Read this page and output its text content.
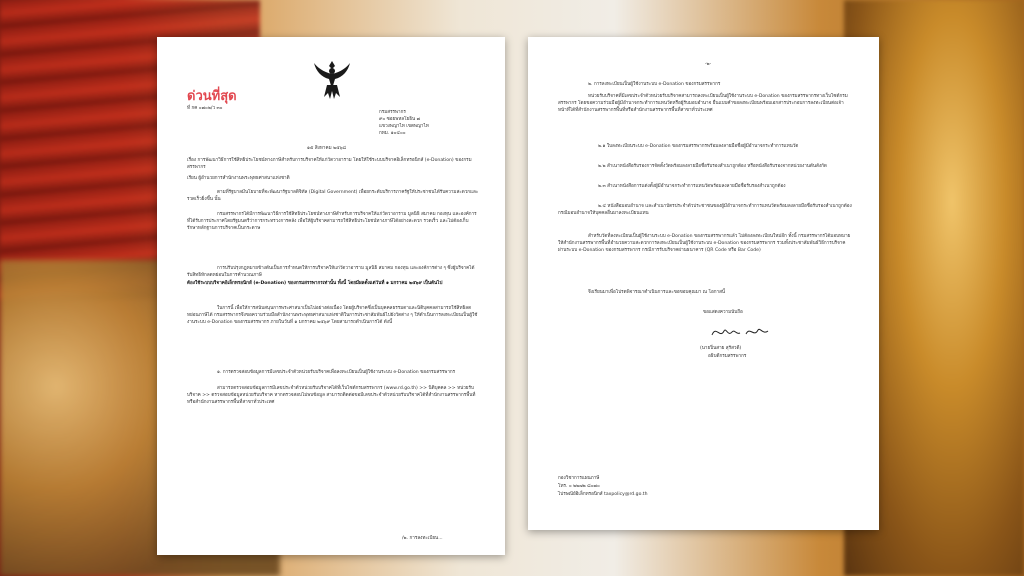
ด่วนที่สุด
ที่ กค ๐๗๐๒/ว ๓๐
กรมสรรพากร
๙๐ ซอยพหลโยธิน ๗
แขวงพญาไท เขตพญาไท
กทม. ๑๐๔๐๐
๑๕ สิงหาคม ๒๕๖๘
เรื่อง การพัฒนาวิธีการใช้สิทธิประโยชน์ทางภาษีสำหรับการบริจาคให้แก่วัดวาอาราม โดยให้ใช้ระบบบริจาคอิเล็กทรอนิกส์ (e-Donation) ของกรมสรรพากร
เรียน ผู้อำนวยการสำนักงานพระพุทธศาสนาแห่งชาติ
ตามที่รัฐบาลมีนโยบายที่จะพัฒนารัฐบาลดิจิทัล (Digital Government) เพื่อยกระดับบริการภาครัฐให้ประชาชนได้รับความสะดวกและรวดเร็วยิ่งขึ้น นั้น
กรมสรรพากรได้มีการพัฒนาวิธีการใช้สิทธิประโยชน์ทางภาษีสำหรับการบริจาคให้แก่วัดวาอาราม มูลนิธิ สมาคม กองทุน และองค์การที่ได้รับการประกาศโดยรัฐมนตรีว่าการกระทรวงการคลัง เพื่อให้ผู้บริจาคสามารถใช้สิทธิประโยชน์ทางภาษีได้อย่างสะดวก รวดเร็ว และไม่ต้องเก็บรักษาหลักฐานการบริจาคเป็นกระดาษ
การปรับปรุงกฎหมายข้างต้นเป็นการกำหนดให้การบริจาคให้แก่วัดวาอาราม มูลนิธิ สมาคม กองทุน และองค์การต่าง ๆ ซึ่งผู้บริจาคได้รับสิทธิหักลดหย่อนในการคำนวณภาษี
ต้องใช้ระบบบริจาคอิเล็กทรอนิกส์ (e-Donation) ของกรมสรรพากรเท่านั้น ทั้งนี้ โดยมีผลตั้งแต่วันที่ ๑ มกราคม ๒๕๖๙ เป็นต้นไป
ในการนี้ เพื่อให้การสนับสนุนการพระศาสนาเป็นไปอย่างต่อเนื่อง โดยผู้บริจาคซึ่งเป็นบุคคลธรรมดาและนิติบุคคลสามารถใช้สิทธิลดหย่อนภาษีได้ กรมสรรพากรจึงขอความร่วมมือสำนักงานพระพุทธศาสนาแห่งชาติในการประชาสัมพันธ์ไปยังวัดต่าง ๆ ให้ดำเนินการลงทะเบียนเป็นผู้ใช้งานระบบ e-Donation ของกรมสรรพากร ภายในวันที่ ๑ มกราคม ๒๕๖๙ โดยสามารถดำเนินการได้ ดังนี้
๑. การตรวจสอบข้อมูลการมีเลขประจำตัวหน่วยรับบริจาคเพื่อลงทะเบียนเป็นผู้ใช้งานระบบ e-Donation ของกรมสรรพากร
สามารถตรวจสอบข้อมูลการมีเลขประจำตัวหน่วยรับบริจาคได้ที่เว็บไซต์กรมสรรพากร (www.rd.go.th) >> นิติบุคคล >> หน่วยรับบริจาค >> ตรวจสอบข้อมูลหน่วยรับบริจาค หากตรวจสอบไม่พบข้อมูล สามารถติดต่อขอมีเลขประจำตัวหน่วยรับบริจาคได้ที่สำนักงานสรรพากรพื้นที่หรือสำนักงานสรรพากรพื้นที่สาขาทั่วประเทศ
/๒. การลงทะเบียน...
-๒-
๒. การลงทะเบียนเป็นผู้ใช้งานระบบ e-Donation ของกรมสรรพากร
หน่วยรับบริจาคที่มีเลขประจำตัวหน่วยรับบริจาคสามารถลงทะเบียนเป็นผู้ใช้งานระบบ e-Donation ของกรมสรรพากรทางเว็บไซต์กรมสรรพากร โดยขอความร่วมมือผู้มีอำนาจกระทำการแทนวัดหรือผู้รับมอบอำนาจ ยื่นแบบคำขอลงทะเบียนพร้อมเอกสารประกอบการลงทะเบียนต่อเจ้าหน้าที่ได้ที่สำนักงานสรรพากรพื้นที่หรือสำนักงานสรรพากรพื้นที่สาขาทั่วประเทศ
๒.๑ ใบลงทะเบียนระบบ e-Donation ของกรมสรรพากรพร้อมลงลายมือชื่อผู้มีอำนาจกระทำการแทนวัด
๒.๒ สำเนาหนังสือรับรองการจัดตั้งวัดพร้อมลงลายมือชื่อรับรองสำเนาถูกต้อง หรือหนังสือรับรองจากหน่วยงานต้นสังกัด
๒.๓ สำเนาหนังสือการแต่งตั้งผู้มีอำนาจกระทำการแทนวัดพร้อมลงลายมือชื่อรับรองสำเนาถูกต้อง
๒.๔ หนังสือมอบอำนาจ และสำเนาบัตรประจำตัวประชาชนของผู้มีอำนาจกระทำการแทนวัดพร้อมลงลายมือชื่อรับรองสำเนาถูกต้อง กรณีมอบอำนาจให้บุคคลอื่นมาลงทะเบียนแทน
สำหรับวัดที่ลงทะเบียนเป็นผู้ใช้งานระบบ e-Donation ของกรมสรรพากรแล้ว ไม่ต้องลงทะเบียนใหม่อีก ทั้งนี้ กรมสรรพากรได้มอบหมายให้สำนักงานสรรพากรพื้นที่อำนวยความสะดวกการลงทะเบียนเป็นผู้ใช้งานระบบ e-Donation ของกรมสรรพากร รวมทั้งประชาสัมพันธ์วิธีการบริจาคผ่านระบบ e-Donation ของกรมสรรพากร กรณีการรับบริจาคผ่านธนาคาร (QR Code หรือ Bar Code)
จึงเรียนมาเพื่อโปรดพิจารณาดำเนินการและขอขอบคุณมา ณ โอกาสนี้
ขอแสดงความนับถือ
(นายปิ่นสาย สุรัสวดี)
อธิบดีกรมสรรพากร
กองวิชาการแผนภาษี
โทร. ๐ ๒๒๗๒ ๘๐๗๐
ไปรษณีย์อิเล็กทรอนิกส์ taxpolicy@rd.go.th
